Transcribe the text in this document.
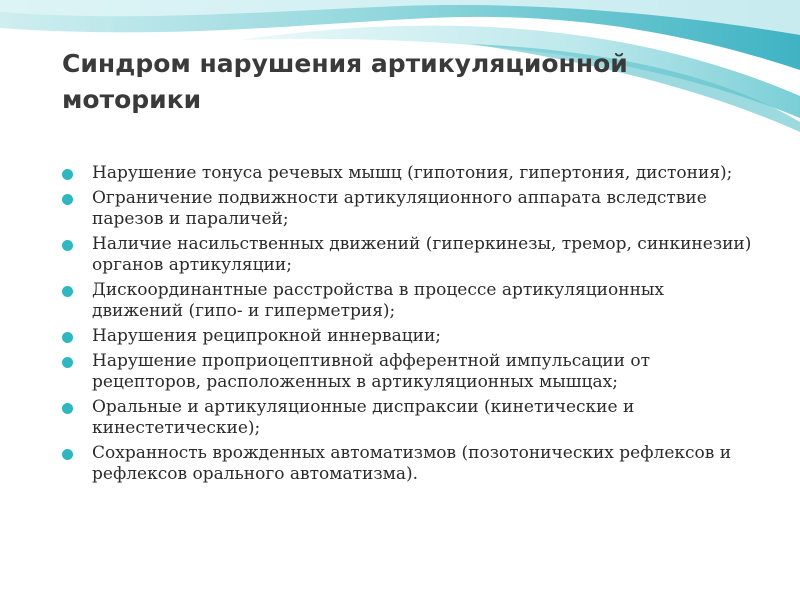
Синдром нарушения артикуляционной моторики
Нарушение тонуса речевых мышц (гипотония, гипертония, дистония);
Ограничение подвижности артикуляционного аппарата вследствие парезов и параличей;
Наличие насильственных движений (гиперкинезы, тремор, синкинезии) органов артикуляции;
Дискоординантные расстройства в процессе артикуляционных движений (гипо- и гиперметрия);
Нарушения реципрокной иннервации;
Нарушение проприоцептивной афферентной импульсации от рецепторов, расположенных в артикуляционных мышцах;
Оральные и артикуляционные диспраксии (кинетические и кинестетические);
Сохранность врожденных автоматизмов (позотонических рефлексов и рефлексов орального автоматизма).
